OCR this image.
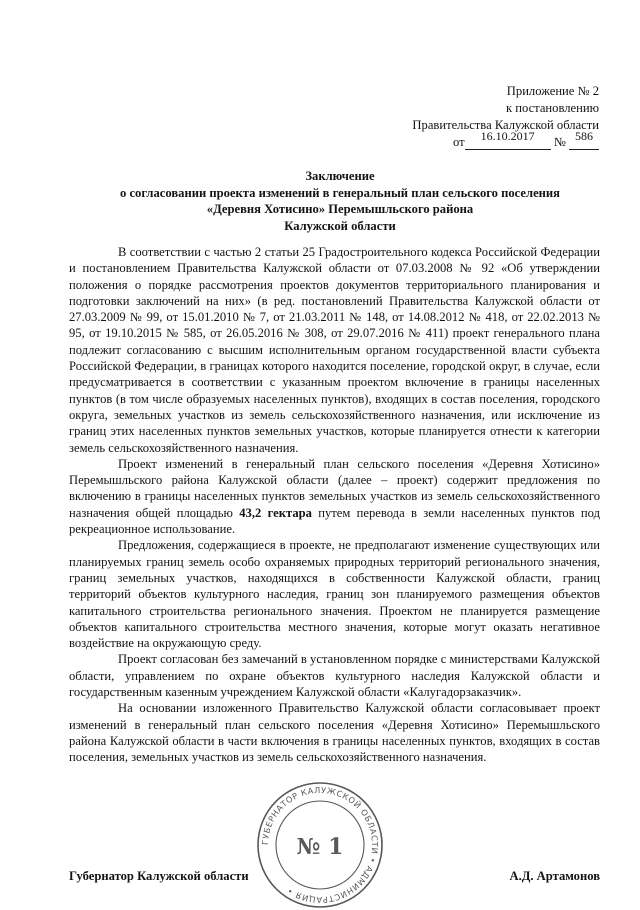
Приложение № 2
к постановлению
Правительства Калужской области
от 16.10.2017 № 586
Заключение
о согласовании проекта изменений в генеральный план сельского поселения
«Деревня Хотисино» Перемышльского района
Калужской области

В соответствии с частью 2 статьи 25 Градостроительного кодекса Российской Федерации и постановлением Правительства Калужской области от 07.03.2008 № 92 «Об утверждении положения о порядке рассмотрения проектов документов территориального планирования и подготовки заключений на них» (в ред. постановлений Правительства Калужской области от 27.03.2009 № 99, от 15.01.2010 № 7, от 21.03.2011 № 148, от 14.08.2012 № 418, от 22.02.2013 № 95, от 19.10.2015 № 585, от 26.05.2016 № 308, от 29.07.2016 № 411) проект генерального плана подлежит согласованию с высшим исполнительным органом государственной власти субъекта Российской Федерации, в границах которого находится поселение, городской округ, в случае, если предусматривается в соответствии с указанным проектом включение в границы населенных пунктов (в том числе образуемых населенных пунктов), входящих в состав поселения, городского округа, земельных участков из земель сельскохозяйственного назначения, или исключение из границ этих населенных пунктов земельных участков, которые планируется отнести к категории земель сельскохозяйственного назначения.

Проект изменений в генеральный план сельского поселения «Деревня Хотисино» Перемышльского района Калужской области (далее – проект) содержит предложения по включению в границы населенных пунктов земельных участков из земель сельскохозяйственного назначения общей площадью 43,2 гектара путем перевода в земли населенных пунктов под рекреационное использование.

Предложения, содержащиеся в проекте, не предполагают изменение существующих или планируемых границ земель особо охраняемых природных территорий регионального значения, границ земельных участков, находящихся в собственности Калужской области, границ территорий объектов культурного наследия, границ зон планируемого размещения объектов капитального строительства регионального значения. Проектом не планируется размещение объектов капитального строительства местного значения, которые могут оказать негативное воздействие на окружающую среду.

Проект согласован без замечаний в установленном порядке с министерствами Калужской области, управлением по охране объектов культурного наследия Калужской области и государственным казенным учреждением Калужской области «Калугадорзаказчик».

На основании изложенного Правительство Калужской области согласовывает проект изменений в генеральный план сельского поселения «Деревня Хотисино» Перемышльского района Калужской области в части включения в границы населенных пунктов, входящих в состав поселения, земельных участков из земель сельскохозяйственного назначения.

ГУБЕРНАТОР КАЛУЖСКОЙ ОБЛАСТИ • АДМИНИСТРАЦИЯ •
№ 1
Губернатор Калужской области	А.Д. Артамонов
